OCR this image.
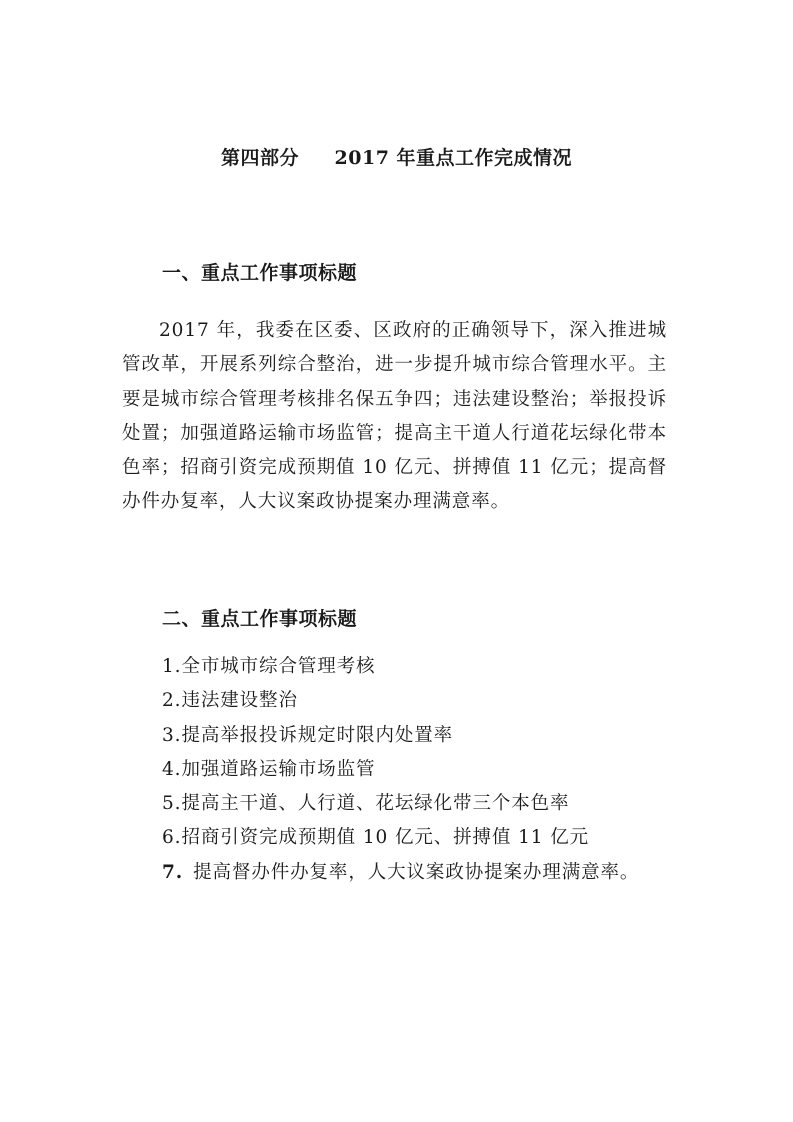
第四部分     2017 年重点工作完成情况
一、重点工作事项标题

2017 年，我委在区委、区政府的正确领导下，深入推进城管改革，开展系列综合整治，进一步提升城市综合管理水平。主要是城市综合管理考核排名保五争四；违法建设整治；举报投诉处置；加强道路运输市场监管；提高主干道人行道花坛绿化带本色率；招商引资完成预期值 10 亿元、拼搏值 11 亿元；提高督办件办复率，人大议案政协提案办理满意率。

二、重点工作事项标题
1.全市城市综合管理考核
2.违法建设整治
3.提高举报投诉规定时限内处置率
4.加强道路运输市场监管
5.提高主干道、人行道、花坛绿化带三个本色率
6.招商引资完成预期值 10 亿元、拼搏值 11 亿元
7. 提高督办件办复率，人大议案政协提案办理满意率。
